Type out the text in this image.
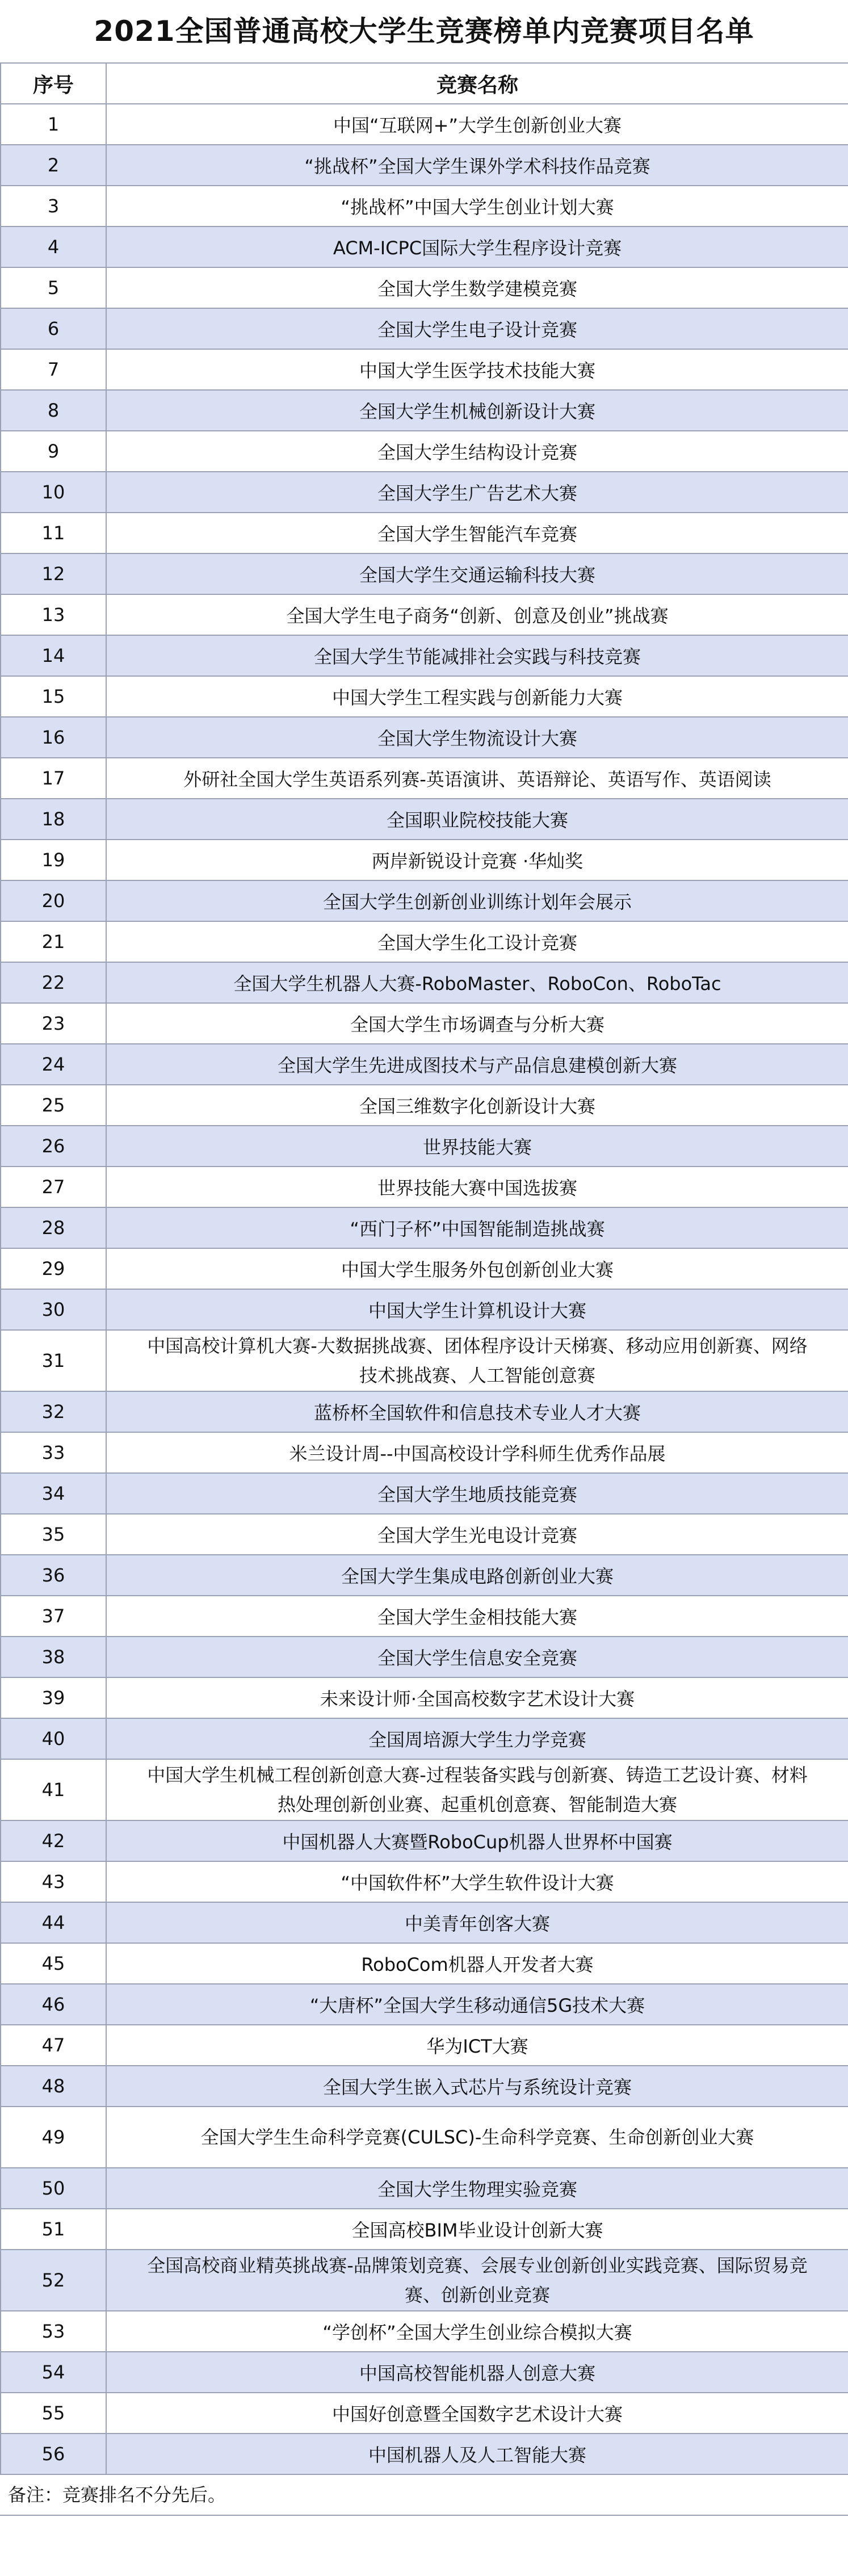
2021全国普通高校大学生竞赛榜单内竞赛项目名单
序号	竞赛名称
1	中国“互联网+”大学生创新创业大赛
2	“挑战杯”全国大学生课外学术科技作品竞赛
3	“挑战杯”中国大学生创业计划大赛
4	ACM-ICPC国际大学生程序设计竞赛
5	全国大学生数学建模竞赛
6	全国大学生电子设计竞赛
7	中国大学生医学技术技能大赛
8	全国大学生机械创新设计大赛
9	全国大学生结构设计竞赛
10	全国大学生广告艺术大赛
11	全国大学生智能汽车竞赛
12	全国大学生交通运输科技大赛
13	全国大学生电子商务“创新、创意及创业”挑战赛
14	全国大学生节能减排社会实践与科技竞赛
15	中国大学生工程实践与创新能力大赛
16	全国大学生物流设计大赛
17	外研社全国大学生英语系列赛-英语演讲、英语辩论、英语写作、英语阅读
18	全国职业院校技能大赛
19	两岸新锐设计竞赛 ·华灿奖
20	全国大学生创新创业训练计划年会展示
21	全国大学生化工设计竞赛
22	全国大学生机器人大赛-RoboMaster、RoboCon、RoboTac
23	全国大学生市场调查与分析大赛
24	全国大学生先进成图技术与产品信息建模创新大赛
25	全国三维数字化创新设计大赛
26	世界技能大赛
27	世界技能大赛中国选拔赛
28	“西门子杯”中国智能制造挑战赛
29	中国大学生服务外包创新创业大赛
30	中国大学生计算机设计大赛
31	中国高校计算机大赛-大数据挑战赛、团体程序设计天梯赛、移动应用创新赛、网络技术挑战赛、人工智能创意赛
32	蓝桥杯全国软件和信息技术专业人才大赛
33	米兰设计周--中国高校设计学科师生优秀作品展
34	全国大学生地质技能竞赛
35	全国大学生光电设计竞赛
36	全国大学生集成电路创新创业大赛
37	全国大学生金相技能大赛
38	全国大学生信息安全竞赛
39	未来设计师·全国高校数字艺术设计大赛
40	全国周培源大学生力学竞赛
41	中国大学生机械工程创新创意大赛-过程装备实践与创新赛、铸造工艺设计赛、材料热处理创新创业赛、起重机创意赛、智能制造大赛
42	中国机器人大赛暨RoboCup机器人世界杯中国赛
43	“中国软件杯”大学生软件设计大赛
44	中美青年创客大赛
45	RoboCom机器人开发者大赛
46	“大唐杯”全国大学生移动通信5G技术大赛
47	华为ICT大赛
48	全国大学生嵌入式芯片与系统设计竞赛
49	全国大学生生命科学竞赛(CULSC)-生命科学竞赛、生命创新创业大赛
50	全国大学生物理实验竞赛
51	全国高校BIM毕业设计创新大赛
52	全国高校商业精英挑战赛-品牌策划竞赛、会展专业创新创业实践竞赛、国际贸易竞赛、创新创业竞赛
53	“学创杯”全国大学生创业综合模拟大赛
54	中国高校智能机器人创意大赛
55	中国好创意暨全国数字艺术设计大赛
56	中国机器人及人工智能大赛
备注：竞赛排名不分先后。
